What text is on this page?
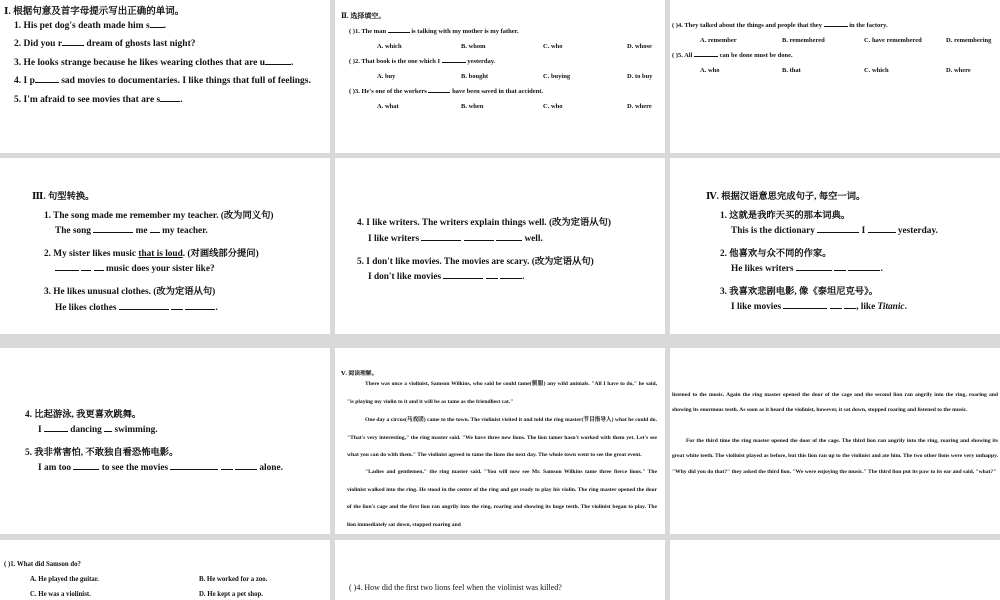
Ⅰ. 根据句意及首字母提示写出正确的单词。
1. His pet dog's death made him s .
2. Did you r dream of ghosts last night?
3. He looks strange because he likes wearing clothes that are u	.
4. I p	sad movies to documentaries. I like things that full of feelings.
5. I'm afraid to see movies that are s .
Ⅱ. 选择填空。
( )1. The man	is talking with my mother is my father.
A. which	B. whom	C. who	D. whose
( )2. That book is the one which I	yesterday.
A. buy	B. bought	C. buying	D. to buy
( )3. He's one of the workers	have been saved in that accident.
A. what	B. when	C. who	D. where
( )4. They talked about the things and people that they	in the factory.
A. remember	B. remembered	C. have remembered	D. remembering
( )5. All	can be done must be done.
A. who	B. that	C. which	D. where
Ⅲ. 句型转换。
1. The song made me remember my teacher. (改为同义句)
The song	me my teacher.
2. My sister likes music that is loud. (对画线部分提问)
music does your sister like?
3. He likes unusual clothes. (改为定语从句)
He likes clothes	.
4. I like writers. The writers explain things well. (改为定语从句)
I like writers	well.
5. I don't like movies. The movies are scary. (改为定语从句)
I don't like movies	.
Ⅳ. 根据汉语意思完成句子, 每空一词。
1. 这就是我昨天买的那本词典。
This is the dictionary	I	yesterday.
2. 他喜欢与众不同的作家。
He likes writers	.
3. 我喜欢悲剧电影, 像《泰坦尼克号》。
I like movies	, like Titanic.
4. 比起游泳, 我更喜欢跳舞。
I	dancing swimming.
5. 我非常害怕, 不敢独自看恐怖电影。
I am too	to see the movies	alone.
Ⅴ. 阅读理解。
There was once a violinist, Samson Wilkins, who said he could tame(驯服) any wild animals. "All I have to do," he said, "is playing my violin to it and it will be as tame as the friendliest cat."
One day a circus(马戏团) came to the town. The violinist visited it and told the ring master(节目指导人) what he could do. "That's very interesting," the ring master said. "We have three new lions. The lion tamer hasn't worked with them yet. Let's see what you can do with them." The violinist agreed to tame the lions the next day. The whole town went to see the great event.
"Ladies and gentlemen," the ring master said. "You will now see Mr. Samson Wilkins tame three fierce lions." The violinist walked into the ring. He stood in the center of the ring and got ready to play his violin. The ring master opened the door of the lion's cage and the first lion ran angrily into the ring, roaring and showing its huge teeth. The violinist began to play. The lion immediately sat down, stopped roaring and
listened to the music. Again the ring master opened the door of the cage and the second lion ran angrily into the ring, roaring and showing its enormous teeth. As soon as it heard the violinist, however, it sat down, stopped roaring and listened to the music.
For the third time the ring master opened the door of the cage. The third lion ran angrily into the ring, roaring and showing its great white teeth. The violinist played as before, but this lion ran up to the violinist and ate him. The two other lions were very unhappy. "Why did you do that?" they asked the third lion. "We were enjoying the music." The third lion put its paw to its ear and said, "what?"
( )1. What did Samson do?
A. He played the guitar.	B. He worked for a zoo.
C. He was a violinist.	D. He kept a pet shop.
( )4. How did the first two lions feel when the violinist was killed?
